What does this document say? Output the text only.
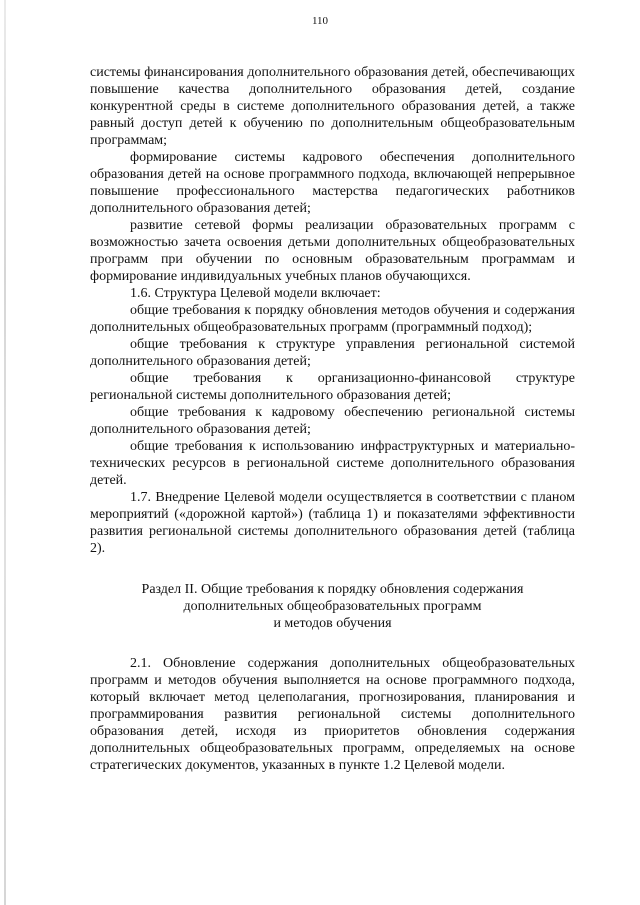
110

системы финансирования дополнительного образования детей, обеспечивающих повышение качества дополнительного образования детей, создание конкурентной среды в системе дополнительного образования детей, а также равный доступ детей к обучению по дополнительным общеобразовательным программам;

формирование системы кадрового обеспечения дополнительного образования детей на основе программного подхода, включающей непрерывное повышение профессионального мастерства педагогических работников дополнительного образования детей;

развитие сетевой формы реализации образовательных программ с возможностью зачета освоения детьми дополнительных общеобразовательных программ при обучении по основным образовательным программам и формирование индивидуальных учебных планов обучающихся.

1.6. Структура Целевой модели включает:

общие требования к порядку обновления методов обучения и содержания дополнительных общеобразовательных программ (программный подход);

общие требования к структуре управления региональной системой дополнительного образования детей;

общие требования к организационно-финансовой структуре региональной системы дополнительного образования детей;

общие требования к кадровому обеспечению региональной системы дополнительного образования детей;

общие требования к использованию инфраструктурных и материально-технических ресурсов в региональной системе дополнительного образования детей.

1.7. Внедрение Целевой модели осуществляется в соответствии с планом мероприятий («дорожной картой») (таблица 1) и показателями эффективности развития региональной системы дополнительного образования детей (таблица 2).

Раздел II. Общие требования к порядку обновления содержания
дополнительных общеобразовательных программ
и методов обучения

2.1. Обновление содержания дополнительных общеобразовательных программ и методов обучения выполняется на основе программного подхода, который включает метод целеполагания, прогнозирования, планирования и программирования развития региональной системы дополнительного образования детей, исходя из приоритетов обновления содержания дополнительных общеобразовательных программ, определяемых на основе стратегических документов, указанных в пункте 1.2 Целевой модели.
